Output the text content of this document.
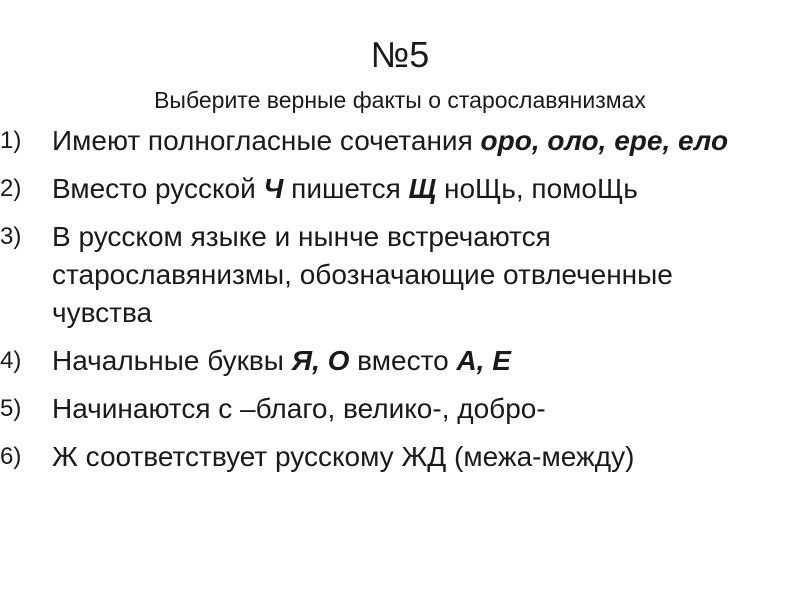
№5

Выберите верные факты о старославянизмах

1)	Имеют полногласные сочетания оро, оло, ере, ело
2)	Вместо русской Ч пишется Щ ноЩь, помоЩь
3)	В русском языке и нынче встречаются старославянизмы, обозначающие отвлеченные чувства
4)	Начальные буквы Я, О вместо А, Е
5)	Начинаются с –благо, велико-, добро-
6)	Ж соответствует русскому ЖД (межа-между)
